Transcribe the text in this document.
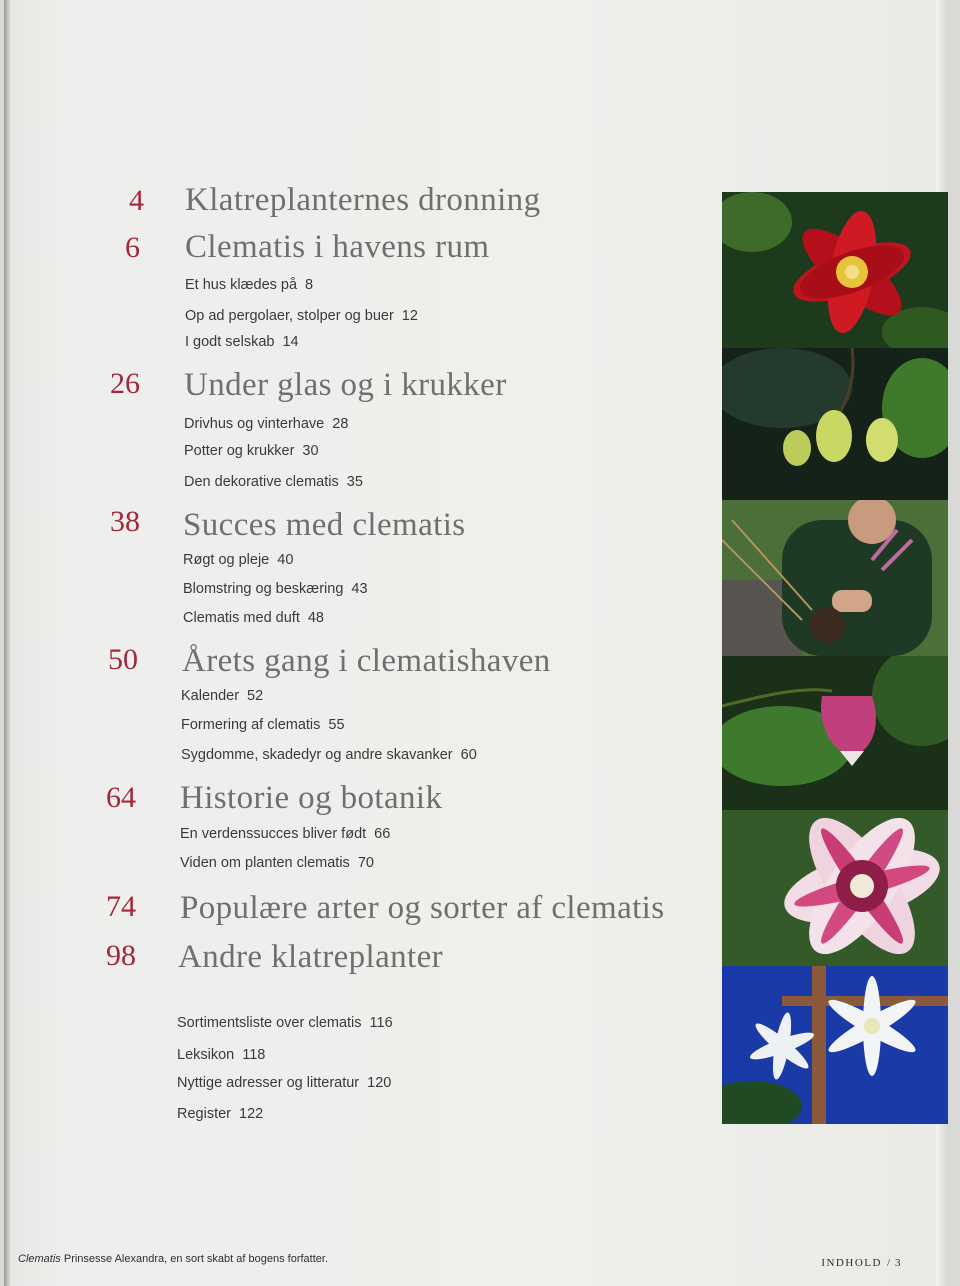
4 Klatreplanternes dronning
6 Clematis i havens rum
Et hus klædes på 8
Op ad pergolaer, stolper og buer 12
I godt selskab 14
26 Under glas og i krukker
Drivhus og vinterhave 28
Potter og krukker 30
Den dekorative clematis 35
38 Succes med clematis
Røgt og pleje 40
Blomstring og beskæring 43
Clematis med duft 48
50 Årets gang i clematishaven
Kalender 52
Formering af clematis 55
Sygdomme, skadedyr og andre skavanker 60
64 Historie og botanik
En verdenssucces bliver født 66
Viden om planten clematis 70
74 Populære arter og sorter af clematis
98 Andre klatreplanter
Sortimentsliste over clematis 116
Leksikon 118
Nyttige adresser og litteratur 120
Register 122
Clematis Prinsesse Alexandra, en sort skabt af bogens forfatter.	INDHOLD / 3
